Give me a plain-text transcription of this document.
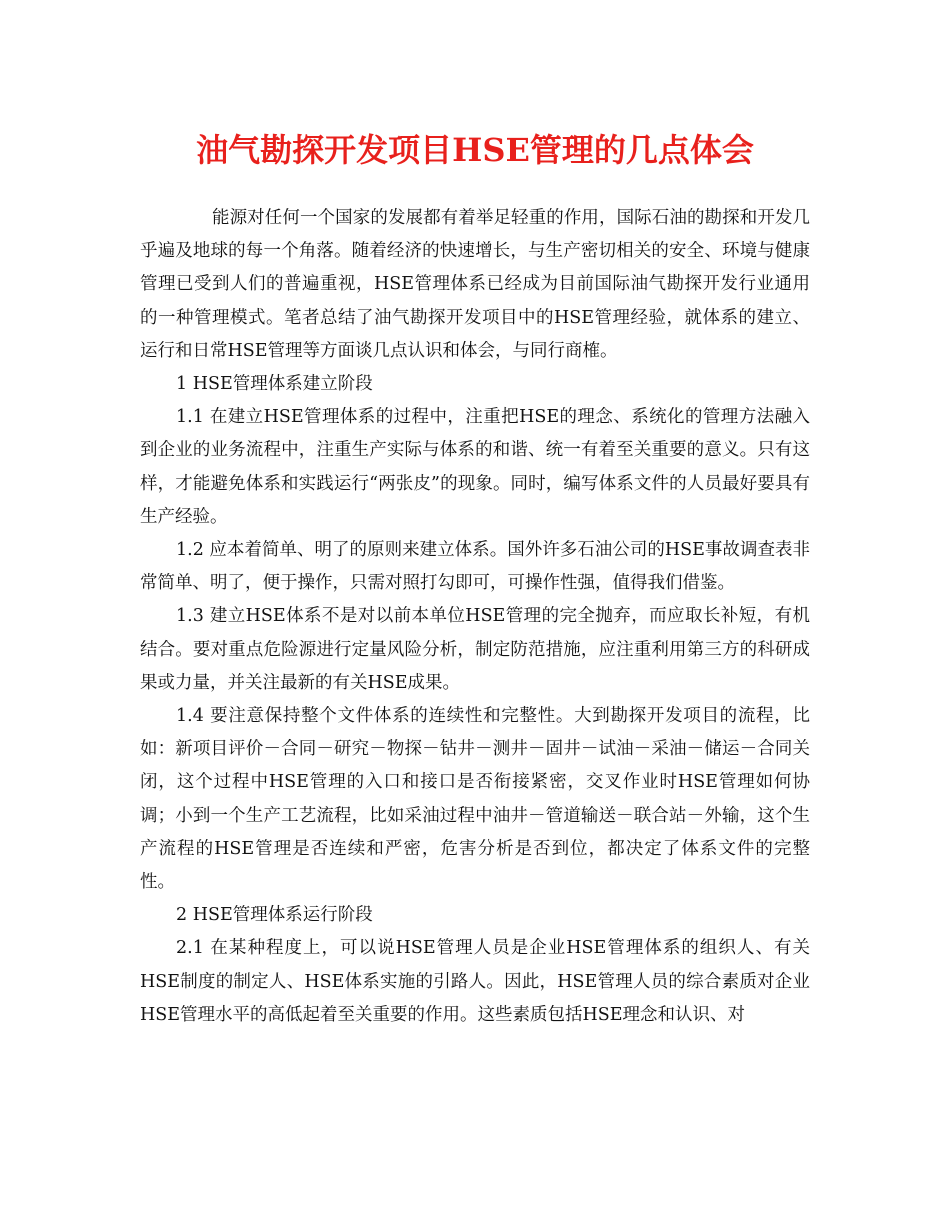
油气勘探开发项目HSE管理的几点体会

能源对任何一个国家的发展都有着举足轻重的作用，国际石油的勘探和开发几乎遍及地球的每一个角落。随着经济的快速增长，与生产密切相关的安全、环境与健康管理已受到人们的普遍重视，HSE管理体系已经成为目前国际油气勘探开发行业通用的一种管理模式。笔者总结了油气勘探开发项目中的HSE管理经验，就体系的建立、运行和日常HSE管理等方面谈几点认识和体会，与同行商榷。

1 HSE管理体系建立阶段

1.1 在建立HSE管理体系的过程中，注重把HSE的理念、系统化的管理方法融入到企业的业务流程中，注重生产实际与体系的和谐、统一有着至关重要的意义。只有这样，才能避免体系和实践运行“两张皮”的现象。同时，编写体系文件的人员最好要具有生产经验。

1.2 应本着简单、明了的原则来建立体系。国外许多石油公司的HSE事故调查表非常简单、明了，便于操作，只需对照打勾即可，可操作性强，值得我们借鉴。

1.3 建立HSE体系不是对以前本单位HSE管理的完全抛弃，而应取长补短，有机结合。要对重点危险源进行定量风险分析，制定防范措施，应注重利用第三方的科研成果或力量，并关注最新的有关HSE成果。

1.4 要注意保持整个文件体系的连续性和完整性。大到勘探开发项目的流程，比如：新项目评价－合同－研究－物探－钻井－测井－固井－试油－采油－储运－合同关闭，这个过程中HSE管理的入口和接口是否衔接紧密，交叉作业时HSE管理如何协调；小到一个生产工艺流程，比如采油过程中油井－管道输送－联合站－外输，这个生产流程的HSE管理是否连续和严密，危害分析是否到位，都决定了体系文件的完整性。

2 HSE管理体系运行阶段

2.1 在某种程度上，可以说HSE管理人员是企业HSE管理体系的组织人、有关HSE制度的制定人、HSE体系实施的引路人。因此，HSE管理人员的综合素质对企业HSE管理水平的高低起着至关重要的作用。这些素质包括HSE理念和认识、对
